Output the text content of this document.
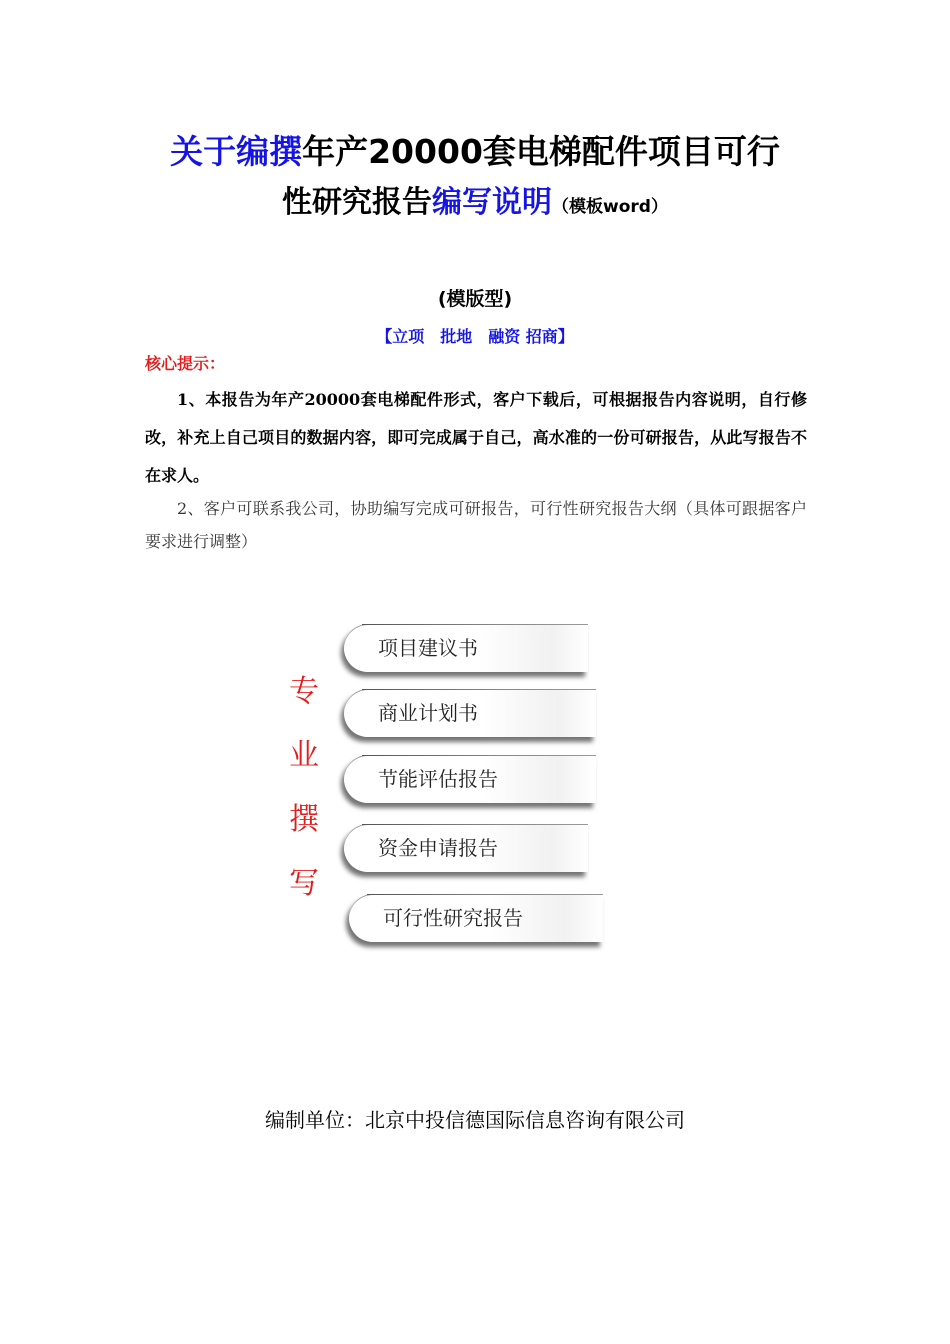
关于编撰年产20000套电梯配件项目可行
性研究报告编写说明（模板word）
(模版型)
【立项　批地　融资 招商】
核心提示：
1、本报告为年产20000套电梯配件形式，客户下载后，可根据报告内容说明，自行修改，补充上自己项目的数据内容，即可完成属于自己，高水准的一份可研报告，从此写报告不在求人。
2、客户可联系我公司，协助编写完成可研报告，可行性研究报告大纲（具体可跟据客户要求进行调整）
专
业
撰
写
项目建议书
商业计划书
节能评估报告
资金申请报告
可行性研究报告
编制单位：北京中投信德国际信息咨询有限公司
